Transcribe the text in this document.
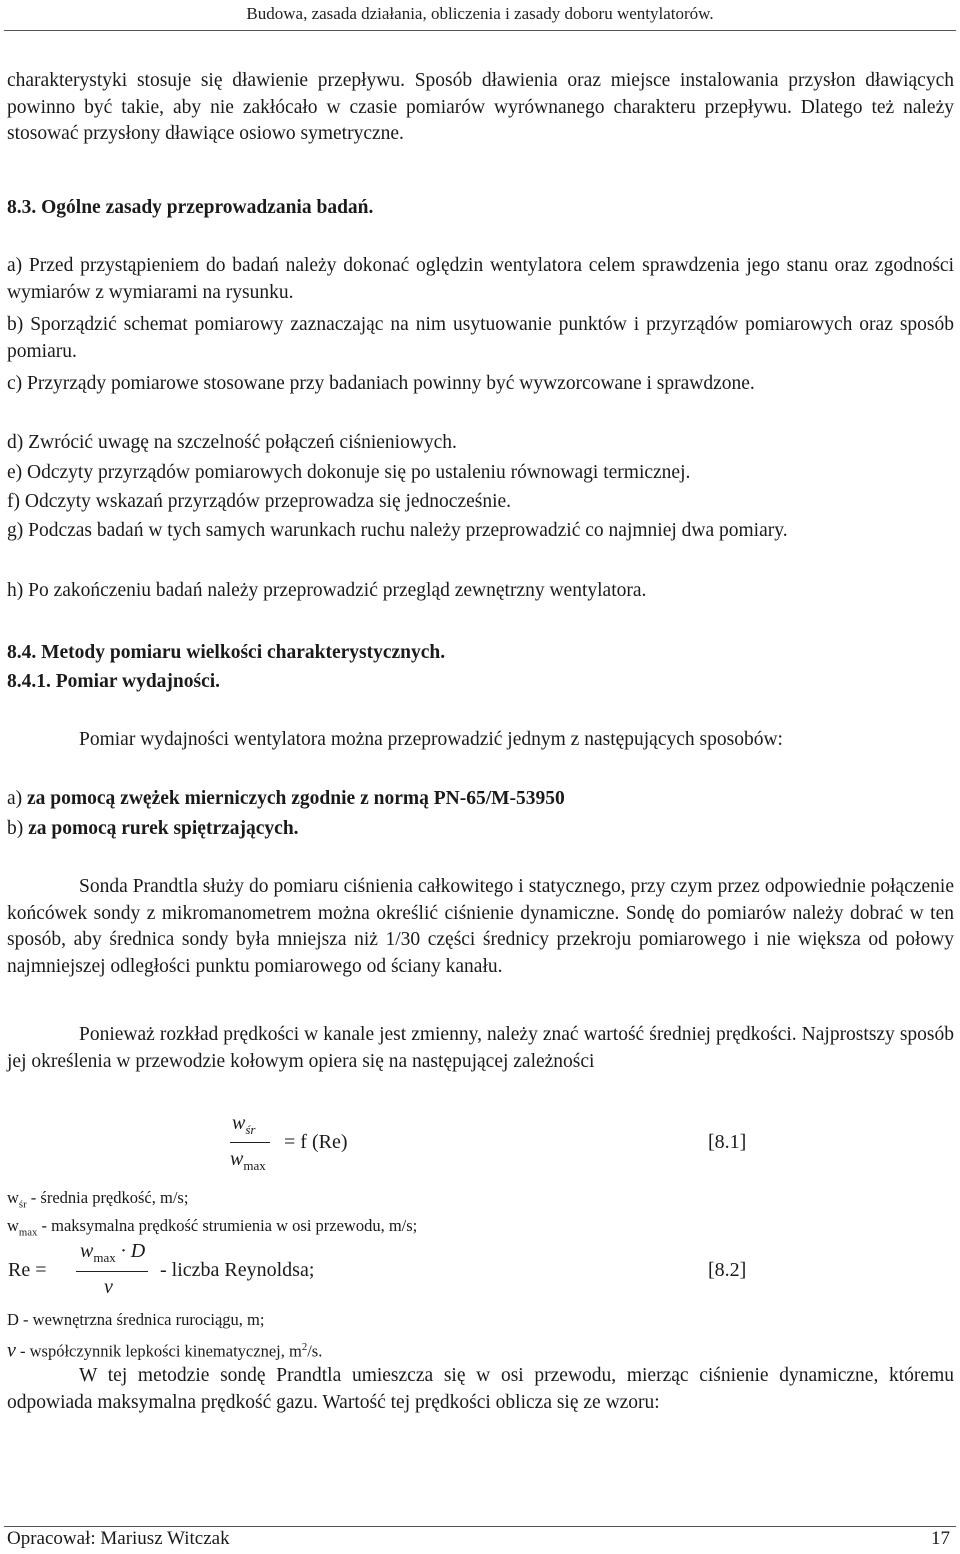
Budowa, zasada działania, obliczenia i zasady doboru wentylatorów.
charakterystyki stosuje się dławienie przepływu. Sposób dławienia oraz miejsce instalowania przysłon dławiących powinno być takie, aby nie zakłócało w czasie pomiarów wyrównanego charakteru przepływu. Dlatego też należy stosować przysłony dławiące osiowo symetryczne.
8.3. Ogólne zasady przeprowadzania badań.
a) Przed przystąpieniem do badań należy dokonać oględzin wentylatora celem sprawdzenia jego stanu oraz zgodności wymiarów z wymiarami na rysunku.
b) Sporządzić schemat pomiarowy zaznaczając na nim usytuowanie punktów i przyrządów pomiarowych oraz sposób pomiaru.
c) Przyrządy pomiarowe stosowane przy badaniach powinny być wywzorcowane i sprawdzone.
d) Zwrócić uwagę na szczelność połączeń ciśnieniowych.
e) Odczyty przyrządów pomiarowych dokonuje się po ustaleniu równowagi termicznej.
f) Odczyty wskazań przyrządów przeprowadza się jednocześnie.
g) Podczas badań w tych samych warunkach ruchu należy przeprowadzić co najmniej dwa pomiary.
h) Po zakończeniu badań należy przeprowadzić przegląd zewnętrzny wentylatora.
8.4. Metody pomiaru wielkości charakterystycznych.
8.4.1. Pomiar wydajności.
Pomiar wydajności wentylatora można przeprowadzić jednym z następujących sposobów:
a) za pomocą zwężek mierniczych zgodnie z normą PN-65/M-53950
b) za pomocą rurek spiętrzających.
Sonda Prandtla służy do pomiaru ciśnienia całkowitego i statycznego, przy czym przez odpowiednie połączenie końcówek sondy z mikromanometrem można określić ciśnienie dynamiczne. Sondę do pomiarów należy dobrać w ten sposób, aby średnica sondy była mniejsza niż 1/30 części średnicy przekroju pomiarowego i nie większa od połowy najmniejszej odległości punktu pomiarowego od ściany kanału.
Ponieważ rozkład prędkości w kanale jest zmienny, należy znać wartość średniej prędkości. Najprostszy sposób jej określenia w przewodzie kołowym opiera się na następującej zależności
$w_{śr}$
$w_{max}$
= f (Re)	[8.1]
$w_{śr}$ - średnia prędkość, m/s;
$w_{max}$ - maksymalna prędkość strumienia w osi przewodu, m/s;
Re =
$w_{max} \cdot D$
ν
- liczba Reynoldsa;	[8.2]
D - wewnętrzna średnica rurociągu, m;
ν - współczynnik lepkości kinematycznej, $m^2/s$.
W tej metodzie sondę Prandtla umieszcza się w osi przewodu, mierząc ciśnienie dynamiczne, któremu odpowiada maksymalna prędkość gazu. Wartość tej prędkości oblicza się ze wzoru:
Opracował: Mariusz Witczak	17
